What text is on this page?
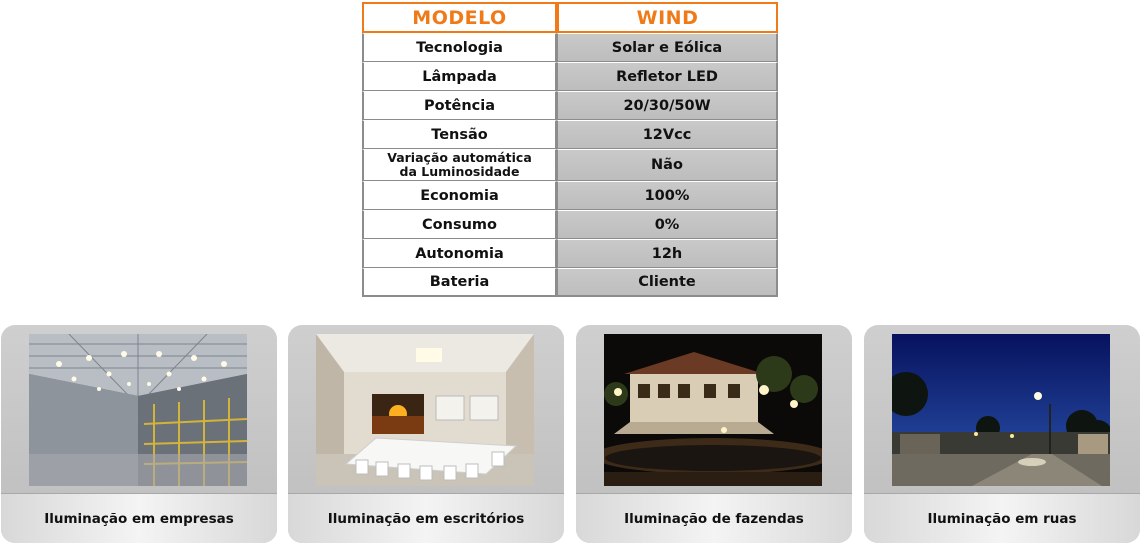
MODELO	WIND
Tecnologia	Solar e Eólica
Lâmpada	Refletor LED
Potência	20/30/50W
Tensão	12Vcc

Variação automática
da Luminosidade	Não
Economia	100%
Consumo	0%
Autonomia	12h
Bateria	Cliente
Iluminação em empresas	Iluminação em escritórios	Iluminação de fazendas	Iluminação em ruas
